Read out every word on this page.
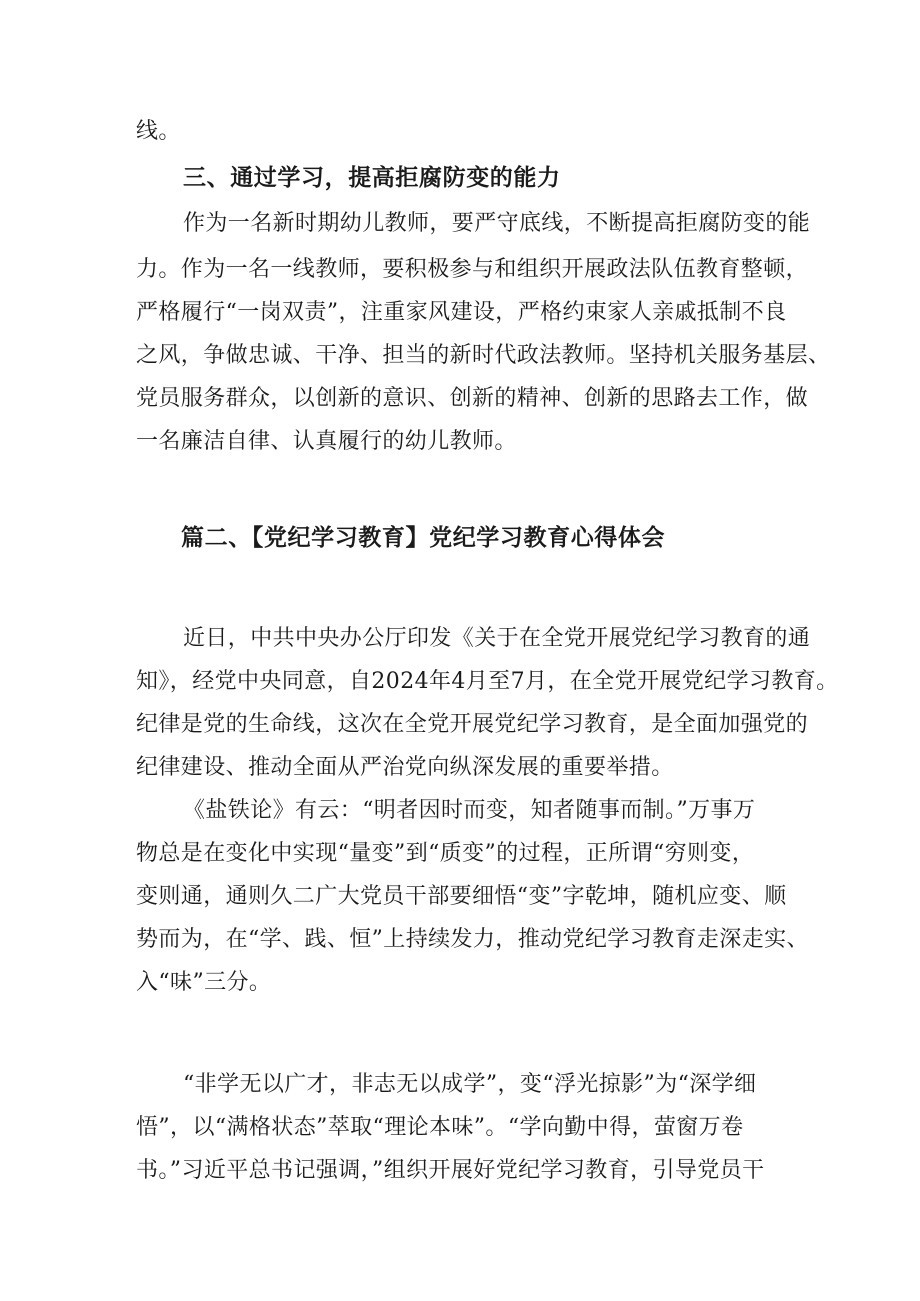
线。
三、通过学习，提高拒腐防变的能力
作为一名新时期幼儿教师，要严守底线，不断提高拒腐防变的能
力。作为一名一线教师，要积极参与和组织开展政法队伍教育整顿，
严格履行“一岗双责”，注重家风建设，严格约束家人亲戚抵制不良
之风，争做忠诚、干净、担当的新时代政法教师。坚持机关服务基层、
党员服务群众，以创新的意识、创新的精神、创新的思路去工作，做
一名廉洁自律、认真履行的幼儿教师。
篇二、【党纪学习教育】党纪学习教育心得体会
近日，中共中央办公厅印发《关于在全党开展党纪学习教育的通
知》，经党中央同意，自2024年4月至7月，在全党开展党纪学习教育。
纪律是党的生命线，这次在全党开展党纪学习教育，是全面加强党的
纪律建设、推动全面从严治党向纵深发展的重要举措。
《盐铁论》有云：“明者因时而变，知者随事而制。”万事万
物总是在变化中实现“量变”到“质变”的过程，正所谓“穷则变，
变则通，通则久二广大党员干部要细悟“变”字乾坤，随机应变、顺
势而为，在“学、践、恒”上持续发力，推动党纪学习教育走深走实、
入“味”三分。
“非学无以广才，非志无以成学”，变“浮光掠影”为“深学细
悟”，以“满格状态”萃取“理论本味”。“学向勤中得，萤窗万卷
书。”习近平总书记强调，”组织开展好党纪学习教育，引导党员干
